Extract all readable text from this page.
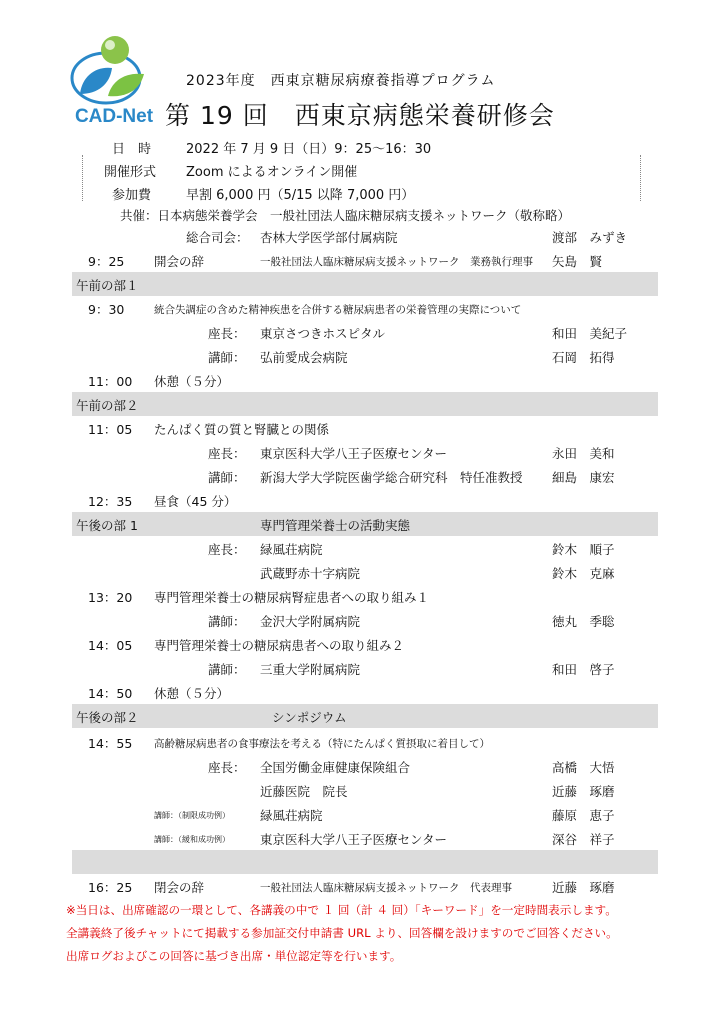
CAD-Net
2023年度　西東京糖尿病療養指導プログラム
第 19 回　西東京病態栄養研修会
日　時	2022 年 7 月 9 日（日）9：25〜16：30
開催形式 Zoom によるオンライン開催
参加費	早割 6,000 円（5/15 以降 7,000 円）
共催：日本病態栄養学会　一般社団法人臨床糖尿病支援ネットワーク（敬称略）
総合司会： 杏林大学医学部付属病院	渡部　みずき
9：25 開会の辞	一般社団法人臨床糖尿病支援ネットワーク　業務執行理事 矢島　賢
午前の部１
9：30	統合失調症の含めた精神疾患を合併する糖尿病患者の栄養管理の実際について
座長： 東京さつきホスピタル	和田　美紀子
講師： 弘前愛成会病院	石岡　拓得
11：00 休憩（５分）
午前の部２
11：05 たんぱく質の質と腎臓との関係
座長： 東京医科大学八王子医療センター	永田　美和
講師： 新潟大学大学院医歯学総合研究科　特任准教授 細島　康宏
12：35 昼食（45 分）
午後の部 1	専門管理栄養士の活動実態
座長： 緑風荘病院	鈴木　順子
武蔵野赤十字病院	鈴木　克麻
13：20 専門管理栄養士の糖尿病腎症患者への取り組み１
講師： 金沢大学附属病院	徳丸　季聡
14：05 専門管理栄養士の糖尿病患者への取り組み２
講師： 三重大学附属病院	和田　啓子
14：50 休憩（５分）
午後の部２	シンポジウム
14：55 高齢糖尿病患者の食事療法を考える（特にたんぱく質摂取に着目して）
座長： 全国労働金庫健康保険組合	高橋　大悟
近藤医院　院長	近藤　琢磨
講師：（制限成功例） 緑風荘病院	藤原　恵子
講師：（緩和成功例） 東京医科大学八王子医療センター	深谷　祥子
16：25 閉会の辞	一般社団法人臨床糖尿病支援ネットワーク　代表理事	近藤　琢磨
※当日は、出席確認の一環として、各講義の中で １ 回（計 ４ 回）「キーワード」を一定時間表示します。
全講義終了後チャットにて掲載する参加証交付申請書 URL より、回答欄を設けますのでご回答ください。
出席ログおよびこの回答に基づき出席・単位認定等を行います。
